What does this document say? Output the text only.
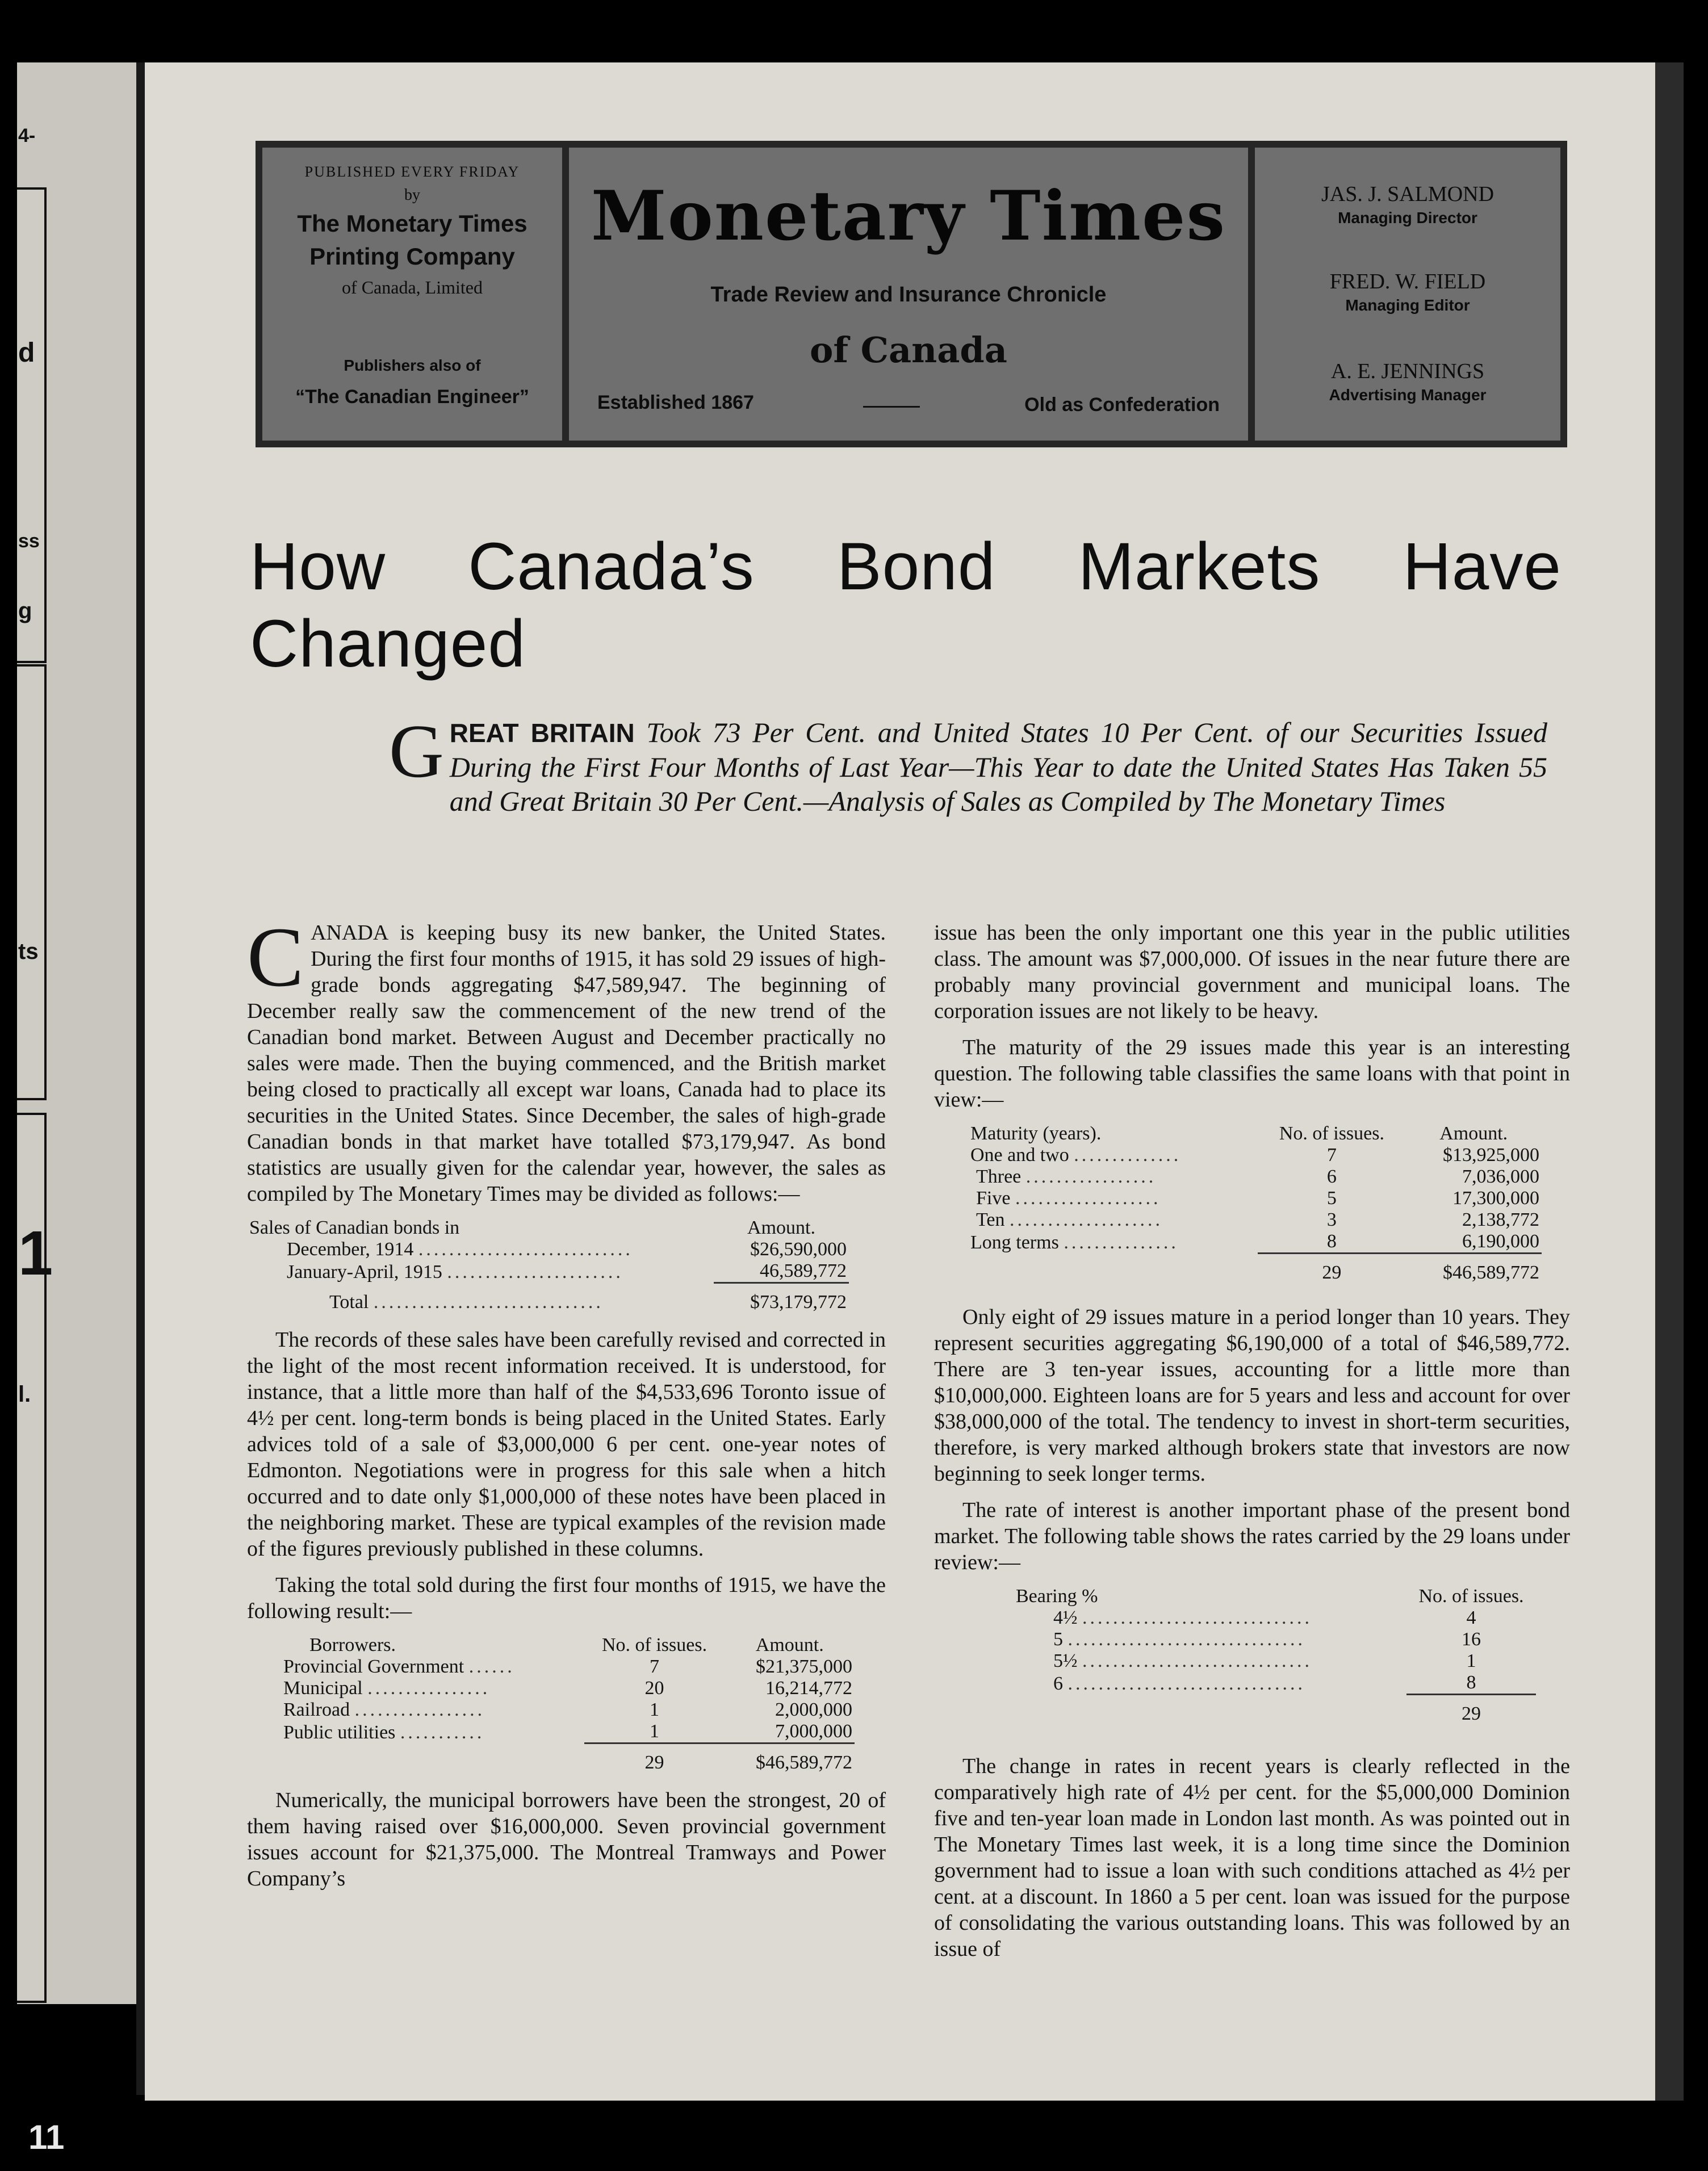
4-
d
ss
g
ts
1
l.
11
PUBLISHED EVERY FRIDAY
by
The Monetary Times
Printing Company
of Canada, Limited
Publishers also of
“The Canadian Engineer”
Monetary Times
Trade Review and Insurance Chronicle
of Canada
Established 1867	Old as Confederation
JAS. J. SALMOND
Managing Director
FRED. W. FIELD
Managing Editor
A. E. JENNINGS
Advertising Manager
How Canada’s Bond Markets Have Changed
GREAT BRITAIN Took 73 Per Cent. and United States 10 Per Cent. of our Securities Issued During the First Four Months of Last Year—This Year to date the United States Has Taken 55 and Great Britain 30 Per Cent.—Analysis of Sales as Compiled by The Monetary Times

CANADA is keeping busy its new banker, the United States. During the first four months of 1915, it has sold 29 issues of high-grade bonds aggregating $47,589,947. The beginning of December really saw the commencement of the new trend of the Canadian bond market. Between August and December practically no sales were made. Then the buying commenced, and the British market being closed to practically all except war loans, Canada had to place its securities in the United States. Since December, the sales of high-grade Canadian bonds in that market have totalled $73,179,947. As bond statistics are usually given for the calendar year, however, the sales as compiled by The Monetary Times may be divided as follows:—

Sales of Canadian bonds in	Amount.
December, 1914 ............................	$26,590,000
January-April, 1915 .......................	46,589,772

Total ..............................	$73,179,772

The records of these sales have been carefully revised and corrected in the light of the most recent information received. It is understood, for instance, that a little more than half of the $4,533,696 Toronto issue of 4½ per cent. long-term bonds is being placed in the United States. Early advices told of a sale of $3,000,000 6 per cent. one-year notes of Edmonton. Negotiations were in progress for this sale when a hitch occurred and to date only $1,000,000 of these notes have been placed in the neighboring market. These are typical examples of the revision made of the figures previously published in these columns.

Taking the total sold during the first four months of 1915, we have the following result:—

Borrowers.	No. of issues.	Amount.
Provincial Government ......	7	$21,375,000
Municipal ................	20	16,214,772
Railroad .................	1	2,000,000
Public utilities ...........	1	7,000,000

	29	$46,589,772

Numerically, the municipal borrowers have been the strongest, 20 of them having raised over $16,000,000. Seven provincial government issues account for $21,375,000. The Montreal Tramways and Power Company’s

issue has been the only important one this year in the public utilities class. The amount was $7,000,000. Of issues in the near future there are probably many provincial government and municipal loans. The corporation issues are not likely to be heavy.

The maturity of the 29 issues made this year is an interesting question. The following table classifies the same loans with that point in view:—

Maturity (years).	No. of issues.	Amount.
One and two ..............	7	$13,925,000
Three .................	6	7,036,000
Five ...................	5	17,300,000
Ten ....................	3	2,138,772
Long terms ...............	8	6,190,000

	29	$46,589,772

Only eight of 29 issues mature in a period longer than 10 years. They represent securities aggregating $6,190,000 of a total of $46,589,772. There are 3 ten-year issues, accounting for a little more than $10,000,000. Eighteen loans are for 5 years and less and account for over $38,000,000 of the total. The tendency to invest in short-term securities, therefore, is very marked although brokers state that investors are now beginning to seek longer terms.

The rate of interest is another important phase of the present bond market. The following table shows the rates carried by the 29 loans under review:—

Bearing %	No. of issues.
4½ ..............................	4
5 ...............................	16
5½ ..............................	1
6 ...............................	8

	29

The change in rates in recent years is clearly reflected in the comparatively high rate of 4½ per cent. for the $5,000,000 Dominion five and ten-year loan made in London last month. As was pointed out in The Monetary Times last week, it is a long time since the Dominion government had to issue a loan with such conditions attached as 4½ per cent. at a discount. In 1860 a 5 per cent. loan was issued for the purpose of consolidating the various outstanding loans. This was followed by an issue of
